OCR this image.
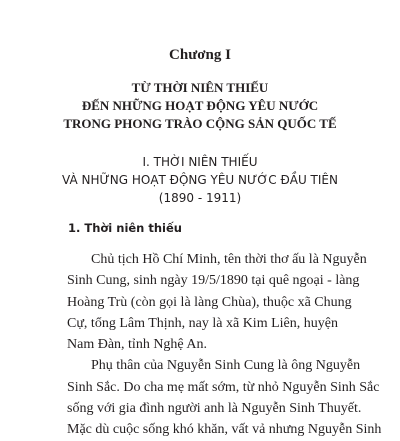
Chương I
TỪ THỜI NIÊN THIẾU
ĐẾN NHỮNG HOẠT ĐỘNG YÊU NƯỚC
TRONG PHONG TRÀO CỘNG SẢN QUỐC TẾ
I. THỜI NIÊN THIẾU
VÀ NHỮNG HOẠT ĐỘNG YÊU NƯỚC ĐẦU TIÊN
(1890 - 1911)
1. Thời niên thiếu
Chủ tịch Hồ Chí Minh, tên thời thơ ấu là Nguyễn
Sinh Cung, sinh ngày 19/5/1890 tại quê ngoại - làng
Hoàng Trù (còn gọi là làng Chùa), thuộc xã Chung
Cự, tổng Lâm Thịnh, nay là xã Kim Liên, huyện
Nam Đàn, tỉnh Nghệ An.
Phụ thân của Nguyễn Sinh Cung là ông Nguyễn
Sinh Sắc. Do cha mẹ mất sớm, từ nhỏ Nguyễn Sinh Sắc
sống với gia đình người anh là Nguyễn Sinh Thuyết.
Mặc dù cuộc sống khó khăn, vất vả nhưng Nguyễn Sinh
